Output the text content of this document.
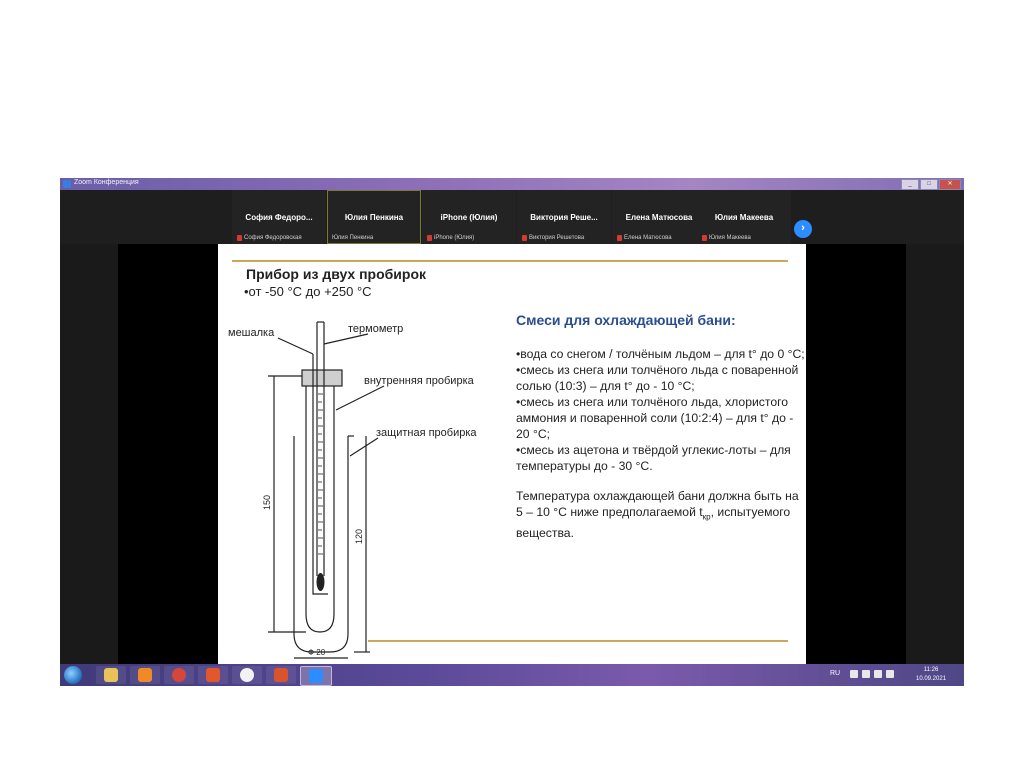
Zoom Конференция	_	□	✕
София Федоро...
София Федоровская
Юлия Пенкина
Юлия Пенкина
iPhone (Юлия)
iPhone (Юлия)
Виктория Реше...
Виктория Решетова
Елена Матюсова
Елена Матюсова
Юлия Макеева
Юлия Макеева
›
Прибор из двух пробирок
•от -50 °С до +250 °С
мешалка	термометр
внутренняя пробирка
защитная пробирка
150
120
Ф 20
Смеси для охлаждающей бани:

•вода со снегом / толчёным льдом – для t° до 0 °С;

•смесь из снега или толчёного льда с поваренной солью (10:3) – для t° до - 10 °С;

•смесь из снега или толчёного льда, хлористого аммония и поваренной соли (10:2:4) – для t° до - 20 °С;

•смесь из ацетона и твёрдой углекис-лоты – для температуры до - 30 °С.

Температура охлаждающей бани должна быть на 5 – 10 °С ниже предполагаемой $t_{кр}$, испытуемого вещества.

RU	11:26
10.09.2021
